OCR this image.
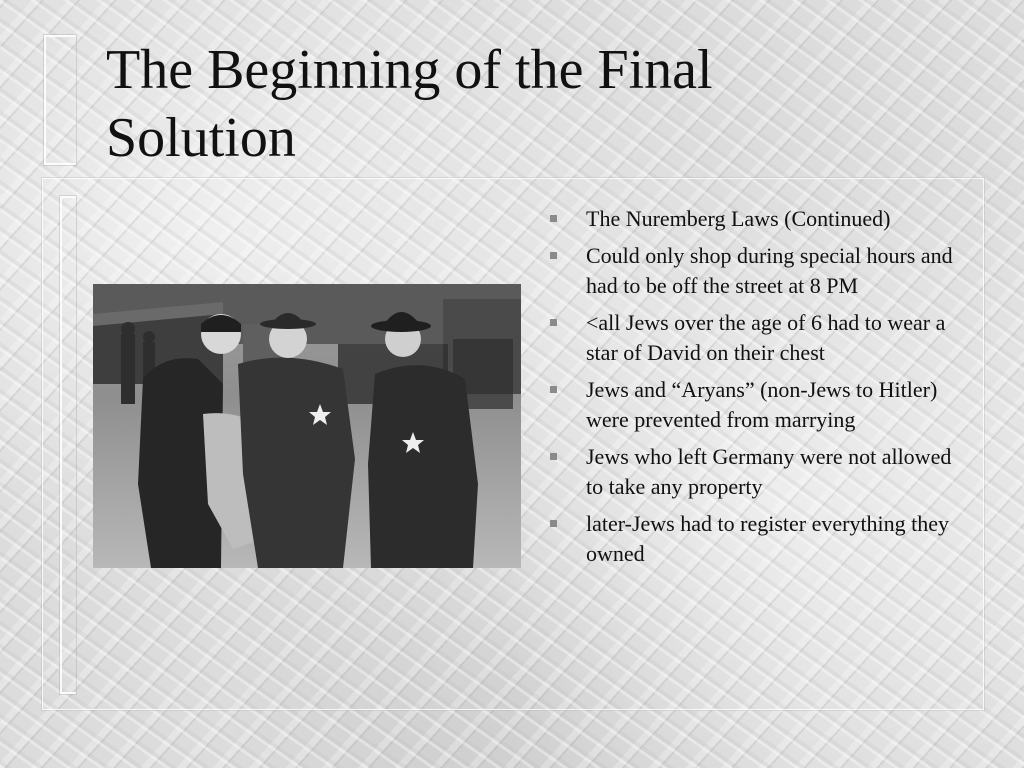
The Beginning of the Final Solution
The Nuremberg Laws (Continued)
Could only shop during special hours and had to be off the street at 8 PM
<all Jews over the age of 6 had to wear a star of David on their chest
Jews and “Aryans” (non-Jews to Hitler) were prevented from marrying
Jews who left Germany were not allowed to take any property
later-Jews had to register everything they owned
